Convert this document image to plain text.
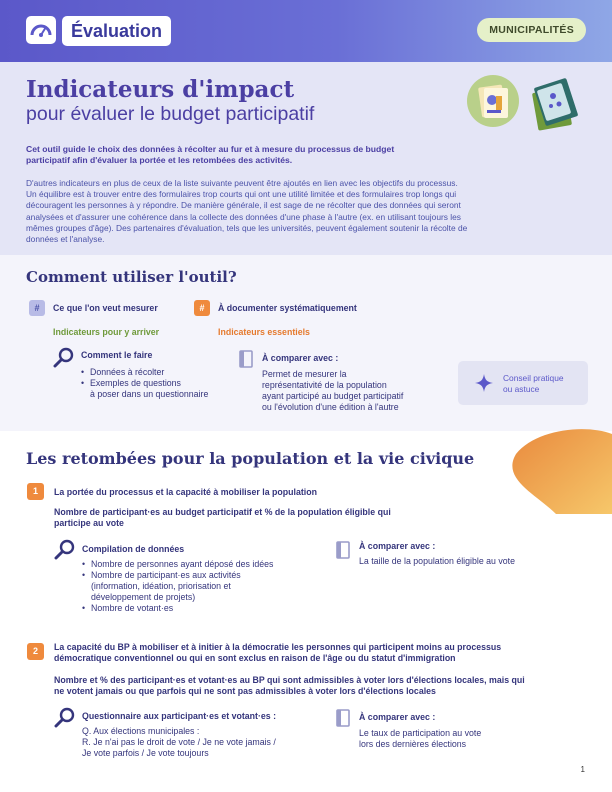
Évaluation	MUNICIPALITÉS
Indicateurs d'impact
pour évaluer le budget participatif
Cet outil guide le choix des données à récolter au fur et à mesure du processus de budget
participatif afin d'évaluer la portée et les retombées des activités.
D'autres indicateurs en plus de ceux de la liste suivante peuvent être ajoutés en lien avec les objectifs du processus.
Un équilibre est à trouver entre des formulaires trop courts qui ont une utilité limitée et des formulaires trop longs qui
découragent les personnes à y répondre. De manière générale, il est sage de ne récolter que des données qui seront
analysées et d'assurer une cohérence dans la collecte des données d'une phase à l'autre (ex. en utilisant toujours les
mêmes groupes d'âge). Des partenaires d'évaluation, tels que les universités, peuvent également soutenir la récolte de
données et l'analyse.
Comment utiliser l'outil?
#	Ce que l'on veut mesurer	#	À documenter systématiquement
Indicateurs pour y arriver	Indicateurs essentiels
Comment le faire
• Données à récolter
• Exemples de questions
à poser dans un questionnaire
À comparer avec :
Permet de mesurer la
représentativité de la population
ayant participé au budget participatif
ou l'évolution d'une édition à l'autre
Conseil pratique
ou astuce
Les retombées pour la population et la vie civique
1	La portée du processus et la capacité à mobiliser la population
Nombre de participant·es au budget participatif et % de la population éligible qui
participe au vote
Compilation de données
• Nombre de personnes ayant déposé des idées
• Nombre de participant·es aux activités
(information, idéation, priorisation et
développement de projets)
• Nombre de votant·es
À comparer avec :
La taille de la population éligible au vote
2	La capacité du BP à mobiliser et à initier à la démocratie les personnes qui participent moins au processus
démocratique conventionnel ou qui en sont exclus en raison de l'âge ou du statut d'immigration
Nombre et % des participant·es et votant·es au BP qui sont admissibles à voter lors d'élections locales, mais qui
ne votent jamais ou que parfois qui ne sont pas admissibles à voter lors d'élections locales
Questionnaire aux participant·es et votant·es :
Q. Aux élections municipales :
R. Je n'ai pas le droit de vote / Je ne vote jamais /
Je vote parfois / Je vote toujours
À comparer avec :
Le taux de participation au vote
lors des dernières élections
1
